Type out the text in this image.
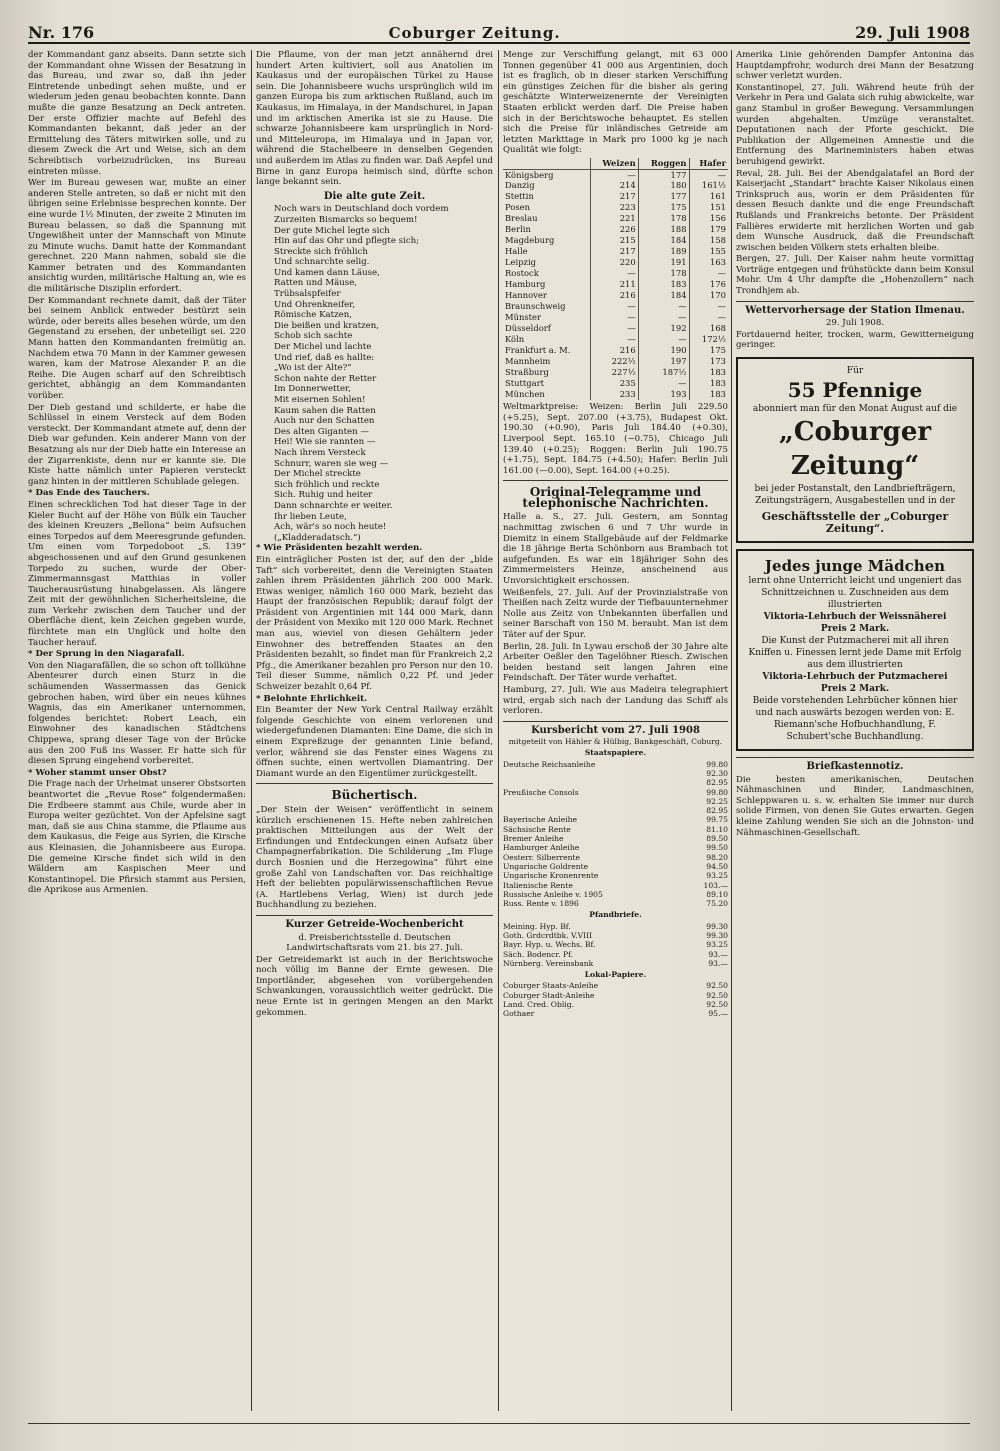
Nr. 176	Coburger Zeitung.	29. Juli 1908

der Kommandant ganz abseits. Dann setzte sich der Kommandant ohne Wissen der Besatzung in das Bureau, und zwar so, daß ihn jeder Eintretende unbedingt sehen mußte, und er wiederum jeden genau beobachten konnte. Dann mußte die ganze Besatzung an Deck antreten. Der erste Offizier machte auf Befehl des Kommandanten bekannt, daß jeder an der Ermittelung des Täters mitwirken solle, und zu diesem Zweck die Art und Weise, sich an dem Schreibtisch vorbeizudrücken, ins Bureau eintreten müsse.

Wer im Bureau gewesen war, mußte an einer anderen Stelle antreten, so daß er nicht mit den übrigen seine Erlebnisse besprechen konnte. Der eine wurde 1½ Minuten, der zweite 2 Minuten im Bureau belassen, so daß die Spannung mit Ungewißheit unter der Mannschaft von Minute zu Minute wuchs. Damit hatte der Kommandant gerechnet. 220 Mann nahmen, sobald sie die Kammer betraten und des Kommandanten ansichtig wurden, militärische Haltung an, wie es die militärische Disziplin erfordert.

Der Kommandant rechnete damit, daß der Täter bei seinem Anblick entweder bestürzt sein würde, oder bereits alles besehen würde, um den Gegenstand zu ersehen, der unbeteiligt sei. 220 Mann hatten den Kommandanten freimütig an. Nachdem etwa 70 Mann in der Kammer gewesen waren, kam der Matrose Alexander P. an die Reihe. Die Augen scharf auf den Schreibtisch gerichtet, abhängig an dem Kommandanten vorüber.

Der Dieb gestand und schilderte, er habe die Schlüssel in einem Versteck auf dem Boden versteckt. Der Kommandant atmete auf, denn der Dieb war gefunden. Kein anderer Mann von der Besatzung als nur der Dieb hatte ein Interesse an der Zigarrenkiste, denn nur er kannte sie. Die Kiste hatte nämlich unter Papieren versteckt ganz hinten in der mittleren Schublade gelegen.

* Das Ende des Tauchers.

Einen schrecklichen Tod hat dieser Tage in der Kieler Bucht auf der Höhe von Bülk ein Taucher des kleinen Kreuzers „Bellona“ beim Aufsuchen eines Torpedos auf dem Meeresgrunde gefunden. Um einen vom Torpedoboot „S. 139“ abgeschossenen und auf den Grund gesunkenen Torpedo zu suchen, wurde der Ober-Zimmermannsgast Matthias in voller Taucherausrüstung hinabgelassen. Als längere Zeit mit der gewöhnlichen Sicherheitsleine, die zum Verkehr zwischen dem Taucher und der Oberfläche dient, kein Zeichen gegeben wurde, fürchtete man ein Unglück und holte den Taucher herauf.

* Der Sprung in den Niagarafall.

Von den Niagarafällen, die so schon oft tollkühne Abenteurer durch einen Sturz in die schäumenden Wassermassen das Genick gebrochen haben, wird über ein neues kühnes Wagnis, das ein Amerikaner unternommen, folgendes berichtet: Robert Leach, ein Einwohner des kanadischen Städtchens Chippewa, sprang dieser Tage von der Brücke aus den 200 Fuß ins Wasser. Er hatte sich für diesen Sprung eingehend vorbereitet.

* Woher stammt unser Obst?

Die Frage nach der Urheimat unserer Obstsorten beantwortet die „Revue Rose“ folgendermaßen: Die Erdbeere stammt aus Chile, wurde aber in Europa weiter gezüchtet. Von der Apfelsine sagt man, daß sie aus China stamme, die Pflaume aus dem Kaukasus, die Feige aus Syrien, die Kirsche aus Kleinasien, die Johannisbeere aus Europa. Die gemeine Kirsche findet sich wild in den Wäldern am Kaspischen Meer und Konstantinopel. Die Pfirsich stammt aus Persien, die Aprikose aus Armenien.

Die Pflaume, von der man jetzt annähernd drei hundert Arten kultiviert, soll aus Anatolien im Kaukasus und der europäischen Türkei zu Hause sein. Die Johannisbeere wuchs ursprünglich wild im ganzen Europa bis zum arktischen Rußland, auch im Kaukasus, im Himalaya, in der Mandschurei, in Japan und im arktischen Amerika ist sie zu Hause. Die schwarze Johannisbeere kam ursprünglich in Nord- und Mitteleuropa, im Himalaya und in Japan vor, während die Stachelbeere in denselben Gegenden und außerdem im Atlas zu finden war. Daß Aepfel und Birne in ganz Europa heimisch sind, dürfte schon lange bekannt sein.

Die alte gute Zeit.
Noch wars in Deutschland doch vordem
Zurzeiten Bismarcks so bequem!
Der gute Michel legte sich
Hin auf das Ohr und pflegte sich;
Streckte sich fröhlich
Und schnarchte selig.
Und kamen dann Läuse,
Ratten und Mäuse,
Trübsalspfeifer
Und Ohrenkneifer,
Römische Katzen,
Die beißen und kratzen,
Schob sich sachte
Der Michel und lachte
Und rief, daß es hallte:
„Wo ist der Alte?“
Schon nahte der Retter
Im Donnerwetter,
Mit eisernen Sohlen!
Kaum sahen die Ratten
Auch nur den Schatten
Des alten Giganten —
Hei! Wie sie rannten —
Nach ihrem Versteck
Schnurr, waren sie weg —
Der Michel streckte
Sich fröhlich und reckte
Sich. Ruhig und heiter
Dann schnarchte er weiter.
Ihr lieben Leute,
Ach, wär's so noch heute!
(„Kladderadatsch.“)

* Wie Präsidenten bezahlt werden.

Ein einträglicher Posten ist der, auf den der „blde Taft“ sich vorbereitet, denn die Vereinigten Staaten zahlen ihrem Präsidenten jährlich 200 000 Mark. Etwas weniger, nämlich 160 000 Mark, bezieht das Haupt der französischen Republik; darauf folgt der Präsident von Argentinien mit 144 000 Mark, dann der Präsident von Mexiko mit 120 000 Mark. Rechnet man aus, wieviel von diesen Gehältern jeder Einwohner des betreffenden Staates an den Präsidenten bezahlt, so findet man für Frankreich 2,2 Pfg., die Amerikaner bezahlen pro Person nur den 10. Teil dieser Summe, nämlich 0,22 Pf. und jeder Schweizer bezahlt 0,64 Pf.

* Belohnte Ehrlichkeit.

Ein Beamter der New York Central Railway erzählt folgende Geschichte von einem verlorenen und wiedergefundenen Diamanten: Eine Dame, die sich in einem Expreßzuge der genannten Linie befand, verlor, während sie das Fenster eines Wagens zu öffnen suchte, einen wertvollen Diamantring. Der Diamant wurde an den Eigentümer zurückgestellt.

Büchertisch.

„Der Stein der Weisen“ veröffentlicht in seinem kürzlich erschienenen 15. Hefte neben zahlreichen praktischen Mitteilungen aus der Welt der Erfindungen und Entdeckungen einen Aufsatz über Champagnerfabrikation. Die Schilderung „Im Fluge durch Bosnien und die Herzegowina“ führt eine große Zahl von Landschaften vor. Das reichhaltige Heft der beliebten populärwissenschaftlichen Revue (A. Hartlebens Verlag, Wien) ist durch jede Buchhandlung zu beziehen.

Kurzer Getreide-Wochenbericht

d. Preisberichtsstelle d. Deutschen Landwirtschaftsrats vom 21. bis 27. Juli.

Der Getreidemarkt ist auch in der Berichtswoche noch völlig im Banne der Ernte gewesen. Die Importländer, abgesehen von vorübergehenden Schwankungen, voraussichtlich weiter gedrückt. Die neue Ernte ist in geringen Mengen an den Markt gekommen.

Menge zur Verschiffung gelangt, mit 63 000 Tonnen gegenüber 41 000 aus Argentinien, doch ist es fraglich, ob in dieser starken Verschiffung ein günstiges Zeichen für die bisher als gering geschätzte Winterweizenernte der Vereinigten Staaten erblickt werden darf. Die Preise haben sich in der Berichtswoche behauptet. Es stellen sich die Preise für inländisches Getreide am letzten Markttage in Mark pro 1000 kg je nach Qualität wie folgt:

	Weizen	Roggen	Hafer
Königsberg	—	177	—
Danzig	214	180	161½
Stettin	217	177	161
Posen	223	175	151
Breslau	221	178	156
Berlin	226	188	179
Magdeburg	215	184	158
Halle	217	189	155
Leipzig	220	191	163
Rostock	—	178	—
Hamburg	211	183	176
Hannover	216	184	170
Braunschweig	—	—	—
Münster	—	—	—
Düsseldorf	—	192	168
Köln	—	—	172½
Frankfurt a. M.	216	190	175
Mannheim	222½	197	173
Straßburg	227½	187½	183
Stuttgart	235	—	183
München	233	193	183

Weltmarktpreise: Weizen: Berlin Juli 229.50 (+5.25), Sept. 207.00 (+3.75), Budapest Okt. 190.30 (+0.90), Paris Juli 184.40 (+0.30), Liverpool Sept. 165.10 (−0.75), Chicago Juli 139.40 (+0.25); Roggen: Berlin Juli 190.75 (+1.75), Sept. 184.75 (+4.50); Hafer: Berlin Juli 161.00 (—0.00), Sept. 164.00 (+0.25).

Original-Telegramme und telephonische Nachrichten.

Halle a. S., 27. Juli. Gestern, am Sonntag nachmittag zwischen 6 und 7 Uhr wurde in Diemitz in einem Stallgebäude auf der Feldmarke die 18 jährige Berta Schönborn aus Brambach tot aufgefunden. Es war ein 18jähriger Sohn des Zimmermeisters Heinze, anscheinend aus Unvorsichtigkeit erschossen.

Weißenfels, 27. Juli. Auf der Provinzialstraße von Theißen nach Zeitz wurde der Tiefbauunternehmer Nolle aus Zeitz von Unbekannten überfallen und seiner Barschaft von 150 M. beraubt. Man ist dem Täter auf der Spur.

Berlin, 28. Juli. In Lywau erschoß der 30 Jahre alte Arbeiter Oeßler den Tagelöhner Riesch. Zwischen beiden bestand seit langen Jahren eine Feindschaft. Der Täter wurde verhaftet.

Hamburg, 27. Juli. Wie aus Madeira telegraphiert wird, ergab sich nach der Landung das Schiff als verloren.

Kursbericht vom 27. Juli 1908
mitgeteilt von Hähler & Hülbig, Bankgeschäft, Coburg.
Staatspapiere.
Deutsche Reichsanleihe	99.80
92.30
82.95
Preußische Consols	99.80
92.25
82.95
Bayerische Anleihe	99.75
Sächsische Rente	81.10
Bremer Anleihe	89.50
Hamburger Anleihe	99.50
Oesterr. Silberrente	98.20
Ungarische Goldrente	94.50
Ungarische Kronenrente	93.25
Italienische Rente	103.—
Russische Anleihe v. 1905	89.10
Russ. Rente v. 1896	75.20
Pfandbriefe.
Meining. Hyp. Bf.	99.30
Goth. Grdcrdtbk. V.VIII	99.30
Bayr. Hyp. u. Wechs. Bf.	93.25
Säch. Bodencr. Pf.	93.—
Nürnberg. Vereinsbank	93.—
Lokal-Papiere.
Coburger Staats-Anleihe	92.50
Coburger Stadt-Anleihe	92.50
Land. Cred. Oblig.	92.50
Gothaer	95.—

Amerika Linie gehörenden Dampfer Antonina das Hauptdampfrohr, wodurch drei Mann der Besatzung schwer verletzt wurden.

Konstantinopel, 27. Juli. Während heute früh der Verkehr in Pera und Galata sich ruhig abwickelte, war ganz Stambul in großer Bewegung. Versammlungen wurden abgehalten. Umzüge veranstaltet. Deputationen nach der Pforte geschickt. Die Publikation der Allgemeinen Amnestie und die Entfernung des Marineministers haben etwas beruhigend gewirkt.

Reval, 28. Juli. Bei der Abendgalatafel an Bord der Kaiserjacht „Standart“ brachte Kaiser Nikolaus einen Trinkspruch aus, worin er dem Präsidenten für dessen Besuch dankte und die enge Freundschaft Rußlands und Frankreichs betonte. Der Präsident Fallières erwiderte mit herzlichen Worten und gab dem Wunsche Ausdruck, daß die Freundschaft zwischen beiden Völkern stets erhalten bleibe.

Bergen, 27. Juli. Der Kaiser nahm heute vormittag Vorträge entgegen und frühstückte dann beim Konsul Mohr. Um 4 Uhr dampfte die „Hohenzollern“ nach Trondhjem ab.

Wettervorhersage der Station Ilmenau.

29. Juli 1908.

Fortdauernd heiter, trocken, warm, Gewitterneigung geringer.

Für
55 Pfennige
abonniert man für den Monat August auf die
„Coburger Zeitung“
bei jeder Postanstalt, den Landbriefträgern, Zeitungsträgern, Ausgabestellen und in der
Geschäftsstelle der „Coburger Zeitung“.
Jedes junge Mädchen
lernt ohne Unterricht leicht und ungeniert das Schnittzeichnen u. Zuschneiden aus dem illustrierten
Viktoria-Lehrbuch der Weissnäherei
Preis 2 Mark.
Die Kunst der Putzmacherei mit all ihren Kniffen u. Finessen lernt jede Dame mit Erfolg aus dem illustrierten
Viktoria-Lehrbuch der Putzmacherei
Preis 2 Mark.
Beide vorstehenden Lehrbücher können hier und nach auswärts bezogen werden von: E. Riemann'sche Hofbuchhandlung, F. Schubert'sche Buchhandlung.
Briefkastennotiz.

Die besten amerikanischen, Deutschen Nähmaschinen und Binder, Landmaschinen, Schleppwaren u. s. w. erhalten Sie immer nur durch solide Firmen, von denen Sie Gutes erwarten. Gegen kleine Zahlung wenden Sie sich an die Johnston- und Nähmaschinen-Gesellschaft.
